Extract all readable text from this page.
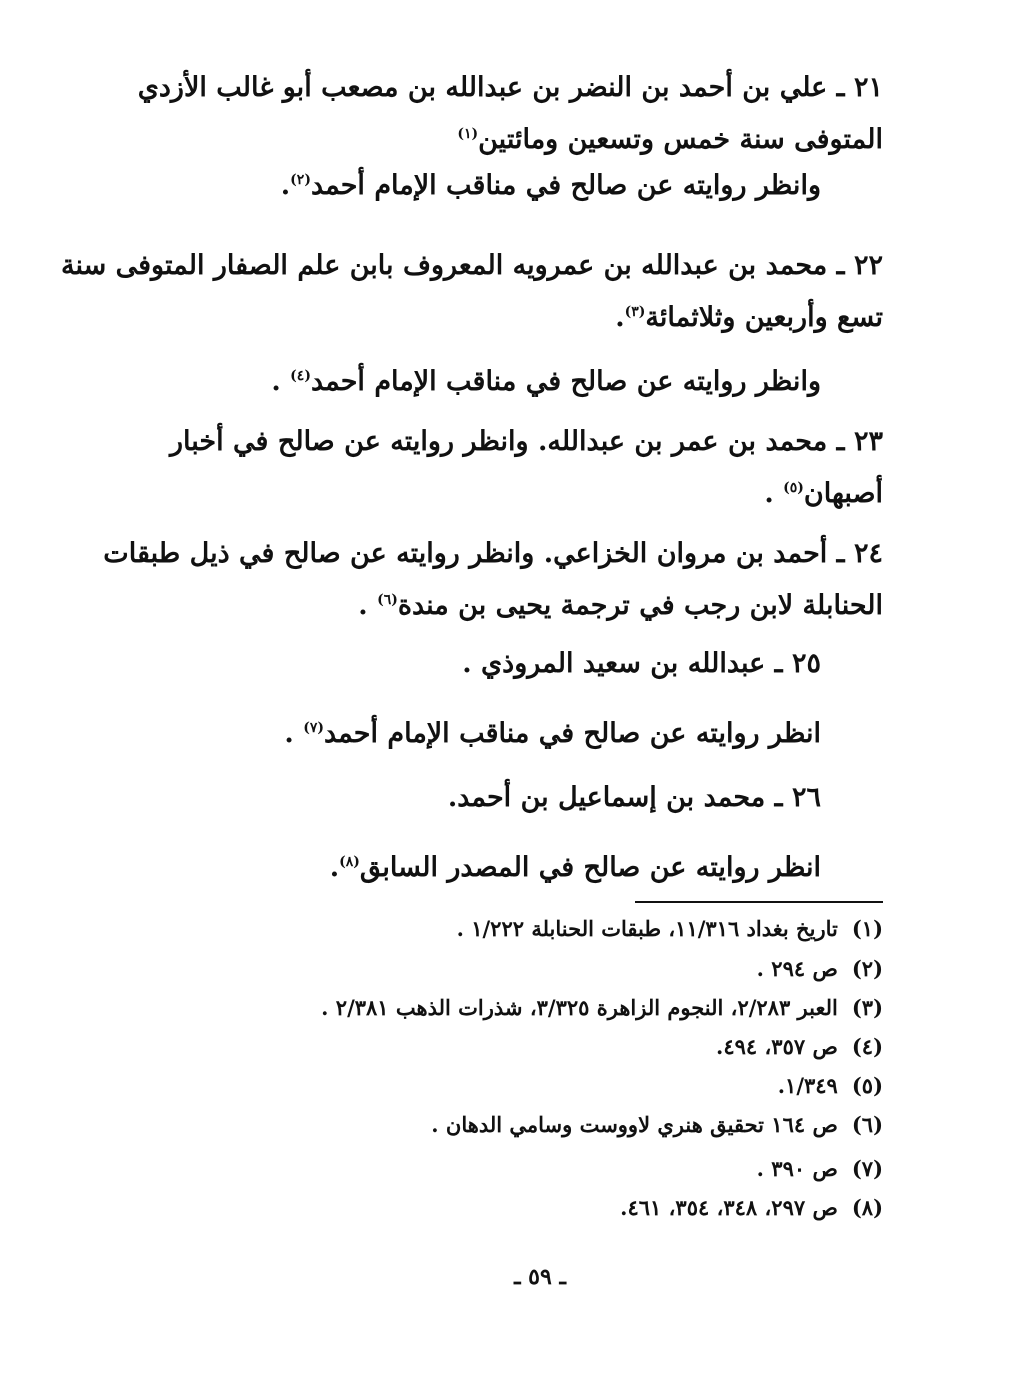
٢١ ـ علي بن أحمد بن النضر بن عبدالله بن مصعب أبو غالب الأزدي
المتوفى سنة خمس وتسعين ومائتين$^{(١)}$
وانظر روايته عن صالح في مناقب الإمام أحمد$^{(٢)}$.
٢٢ ـ محمد بن عبدالله بن عمرويه المعروف بابن علم الصفار المتوفى سنة
تسع وأربعين وثلاثمائة$^{(٣)}$.
وانظر روايته عن صالح في مناقب الإمام أحمد$^{(٤)}$ .
٢٣ ـ محمد بن عمر بن عبدالله. وانظر روايته عن صالح في أخبار
أصبهان$^{(٥)}$ .
٢٤ ـ أحمد بن مروان الخزاعي. وانظر روايته عن صالح في ذيل طبقات
الحنابلة لابن رجب في ترجمة يحيى بن مندة$^{(٦)}$ .
٢٥ ـ عبدالله بن سعيد المروذي .
انظر روايته عن صالح في مناقب الإمام أحمد$^{(٧)}$ .
٢٦ ـ محمد بن إسماعيل بن أحمد.
انظر روايته عن صالح في المصدر السابق$^{(٨)}$.
(١)تاريخ بغداد ١١/٣١٦، طبقات الحنابلة ١/٢٢٢ .
(٢)ص ٢٩٤ .
(٣)العبر ٢/٢٨٣، النجوم الزاهرة ٣/٣٢٥، شذرات الذهب ٢/٣٨١ .
(٤)ص ٣٥٧، ٤٩٤.
(٥)١/٣٤٩.
(٦)ص ١٦٤ تحقيق هنري لاووست وسامي الدهان .
(٧)ص ٣٩٠ .
(٨)ص ٢٩٧، ٣٤٨، ٣٥٤، ٤٦١.
ـ ٥٩ ـ
